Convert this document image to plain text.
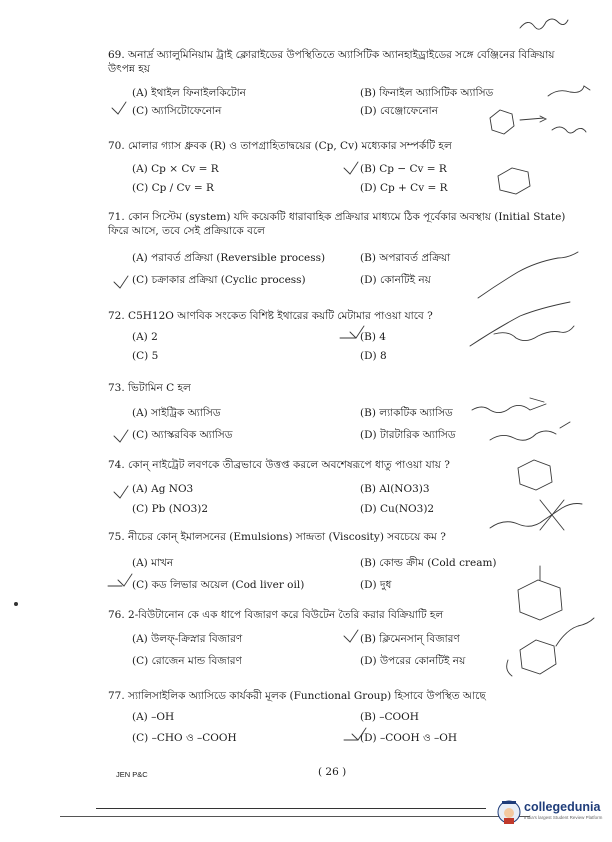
69. অনার্দ্র অ্যালুমিনিয়াম ট্রাই ক্লোরাইডের উপস্থিতিতে অ্যাসিটিক অ্যানহাইড্রাইডের সঙ্গে বেঞ্জিনের বিক্রিয়ায় উৎপন্ন হয়
(A) ইথাইল ফিনাইলকিটোন	(B) ফিনাইল অ্যাসিটিক অ্যাসিড
(C) অ্যাসিটোফেনোন	(D) বেঞ্জোফেনোন
70. মোলার গ্যাস ধ্রুবক (R) ও তাপগ্রাহিতাদ্বয়ের (Cp, Cv) মধ্যেকার সম্পর্কটি হল
(A) Cp × Cv = R	(B) Cp − Cv = R
(C) Cp / Cv = R	(D) Cp + Cv = R
71. কোন সিস্টেম (system) যদি কয়েকটি ধারাবাহিক প্রক্রিয়ার মাধ্যমে ঠিক পূর্বেকার অবস্থায় (Initial State) ফিরে আসে, তবে সেই প্রক্রিয়াকে বলে
(A) পরাবর্ত প্রক্রিয়া (Reversible process)	(B) অপরাবর্ত প্রক্রিয়া
(C) চক্রাকার প্রক্রিয়া (Cyclic process)	(D) কোনটিই নয়
72. C5H12O আণবিক সংকেত বিশিষ্ট ইথারের কয়টি মেটামার পাওয়া যাবে ?
(A) 2	(B) 4
(C) 5	(D) 8
73. ভিটামিন C হল
(A) সাইট্রিক অ্যাসিড	(B) ল্যাকটিক অ্যাসিড
(C) অ্যাস্করবিক অ্যাসিড	(D) টারটারিক অ্যাসিড
74. কোন্ নাইট্রেট লবণকে তীব্রভাবে উত্তপ্ত করলে অবশেষরূপে ধাতু পাওয়া যায় ?
(A) Ag NO3	(B) Al(NO3)3
(C) Pb (NO3)2	(D) Cu(NO3)2
75. নীচের কোন্ ইমালসনের (Emulsions) সান্দ্রতা (Viscosity) সবচেয়ে কম ?
(A) মাখন	(B) কোল্ড ক্রীম (Cold cream)
(C) কড লিভার অয়েল (Cod liver oil)	(D) দুধ
76. 2-বিউটানোন কে এক ধাপে বিজারণ করে বিউটেন তৈরি করার বিক্রিয়াটি হল
(A) উলফ্-ক্রিস্নার বিজারণ	(B) ক্লিমেনসান্ বিজারণ
(C) রোজেন মান্ড বিজারণ	(D) উপরের কোনটিই নয়
77. স্যালিসাইলিক অ্যাসিডে কার্যকরী মূলক (Functional Group) হিসাবে উপস্থিত আছে
(A) –OH	(B) –COOH
(C) –CHO ও –COOH	(D) –COOH ও –OH
JEN P&C	( 26 )
collegedunia
India's largest Student Review Platform
